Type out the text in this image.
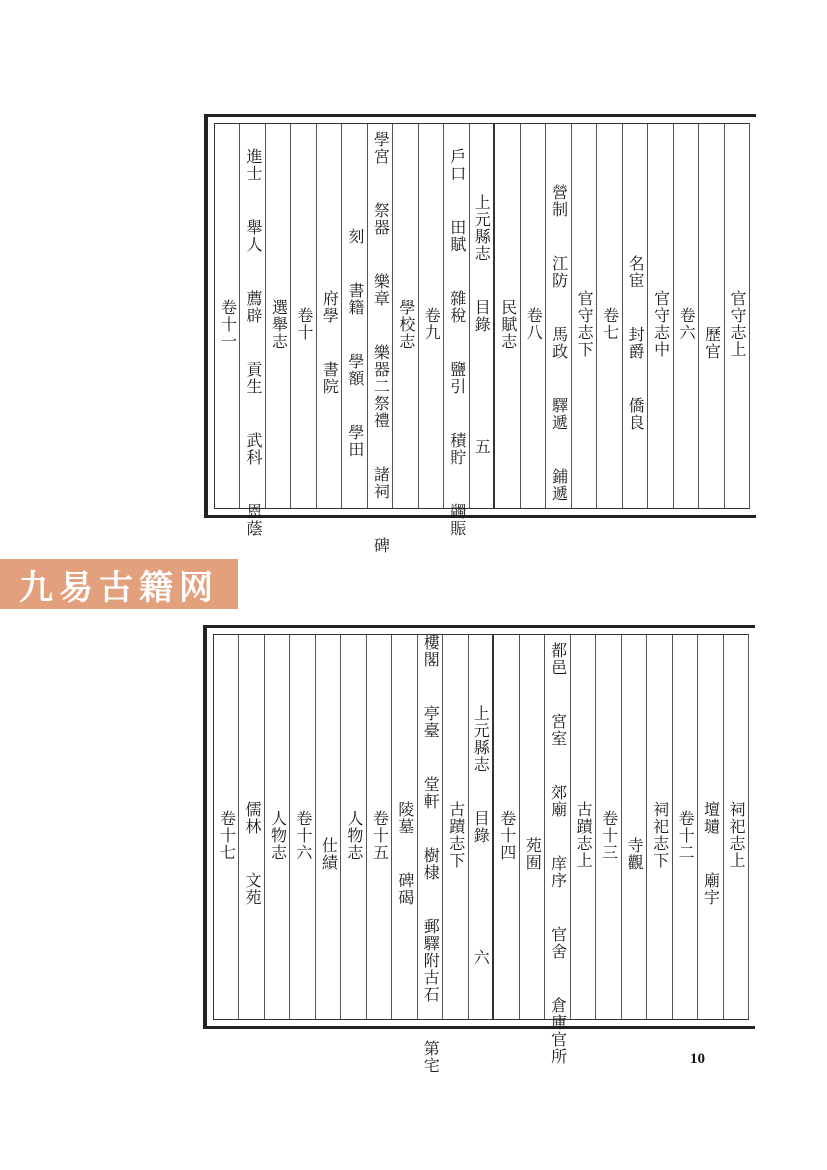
官守志上
　 歷官
卷六
官守志中
　 名宦　 封爵　 僑良
卷七
官守志下
　 營制　 江防　 馬政　 驛遞　 鋪遞
卷八
民賦志
上元縣志　 目錄　　　　　 五
　 戶口　 田賦　 雜稅　 鹽引　 積貯　 蠲賑
卷九
學校志
　 學宮　 祭器　 樂章　 樂器二祭禮　 諸祠　 碑
　 刻　 書籍　 學額　 學田
　 府學　 書院
卷十
選舉志
　 進士　 舉人　 薦辟　 貢生　 武科　 恩蔭
卷十一
祠祀志上
　 壇壝　 廟宇
卷十二
祠祀志下
　 寺觀
卷十三
古蹟志上
　 都邑　 宮室　 郊廟　 庠序　 官舍　 倉庫官所
　 苑囿
卷十四
上元縣志　 目錄　　　　　 六
古蹟志下
　 樓閣　 亭臺　 堂軒　 樹棣　 郵驛附古石　 第宅
　 陵墓　 碑碣
卷十五
人物志
　 仕績
卷十六
人物志
　 儒林　 文苑
卷十七
九易古籍网
10
